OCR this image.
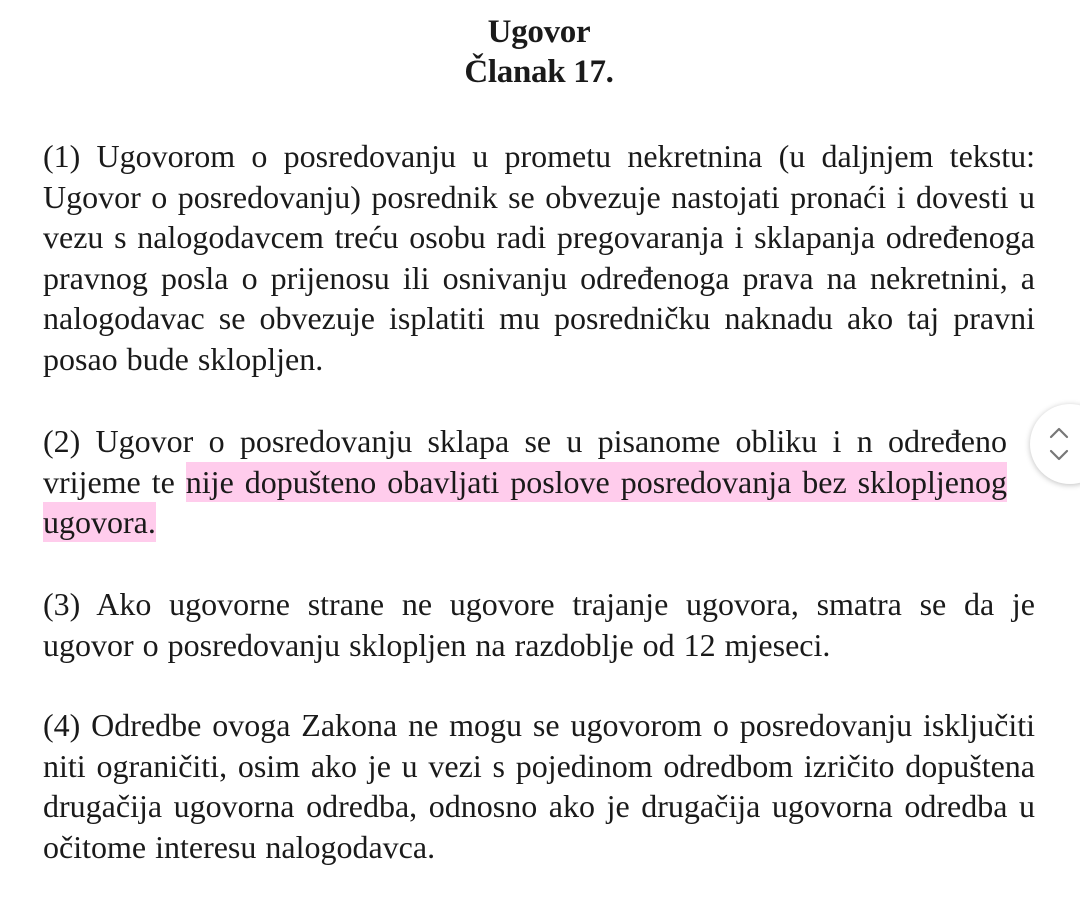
Ugovor
Članak 17.

(1) Ugovorom o posredovanju u prometu nekretnina (u daljnjem tekstu: Ugovor o posredovanju) posrednik se obvezuje nastojati pronaći i dovesti u vezu s nalogodavcem treću osobu radi pregovaranja i sklapanja određenoga pravnog posla o prijenosu ili osnivanju određenoga prava na nekretnini, a nalogodavac se obvezuje isplatiti mu posredničku naknadu ako taj pravni posao bude sklopljen.

(2) Ugovor o posredovanju sklapa se u pisanome obliku i n određeno vrijeme te nije dopušteno obavljati poslove posredovanja bez sklopljenog ugovora.

(3) Ako ugovorne strane ne ugovore trajanje ugovora, smatra se da je ugovor o posredovanju sklopljen na razdoblje od 12 mjeseci.

(4) Odredbe ovoga Zakona ne mogu se ugovorom o posredovanju isključiti niti ograničiti, osim ako je u vezi s pojedinom odredbom izričito dopuštena drugačija ugovorna odredba, odnosno ako je drugačija ugovorna odredba u očitome interesu nalogodavca.
